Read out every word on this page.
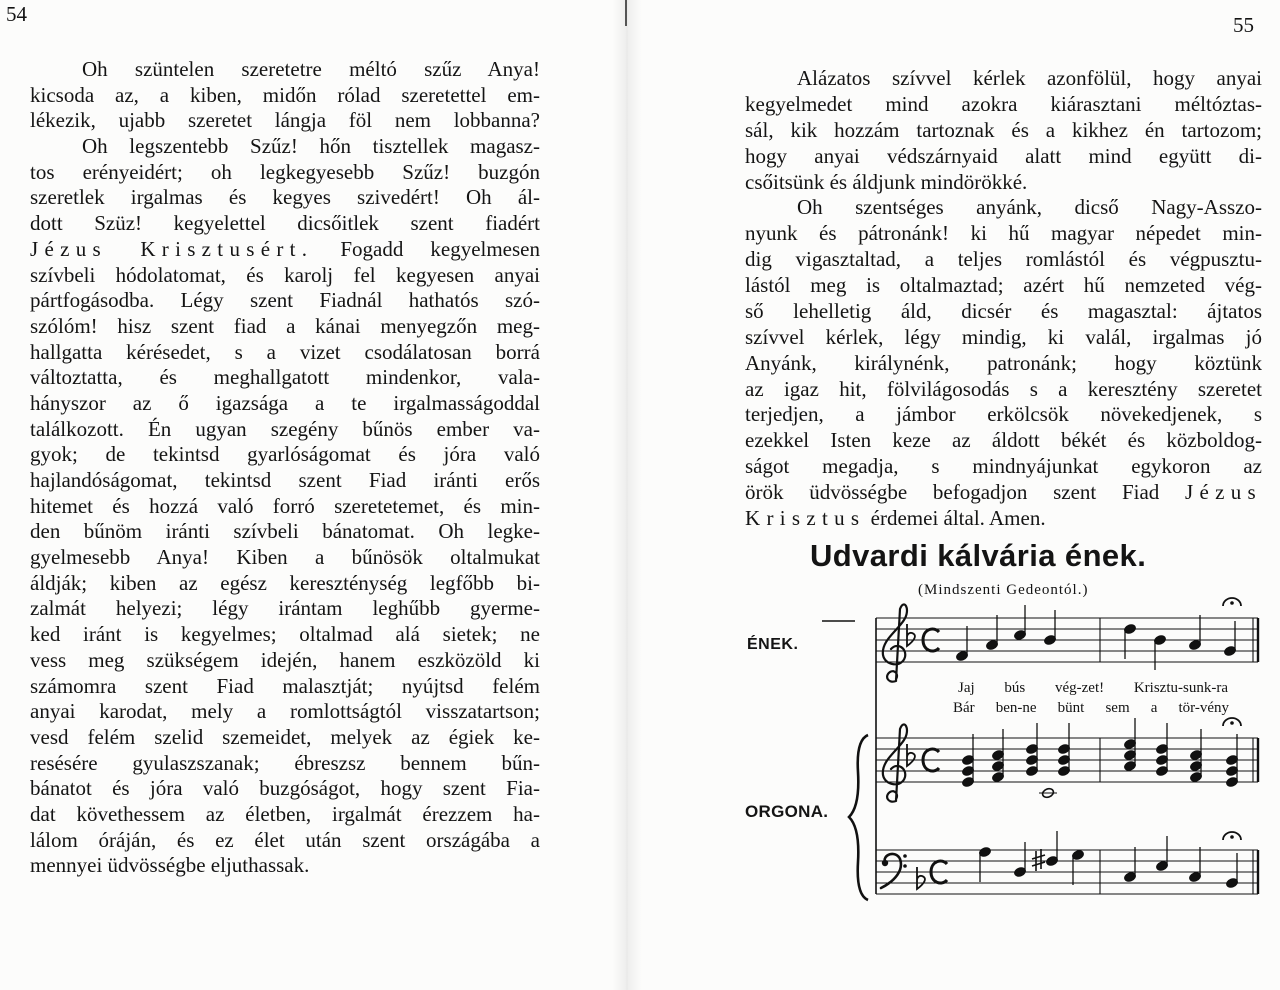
54
Oh szüntelen szeretetre méltó szűz Anya!
kicsoda az, a kiben, midőn rólad szeretettel em-
lékezik, ujabb szeretet lángja föl nem lobbanna?
Oh legszentebb Szűz! hőn tisztellek magasz-
tos erényeidért; oh legkegyesebb Szűz! buzgón
szeretlek irgalmas és kegyes szivedért! Oh ál-
dott Szüz! kegyelettel dicsőitlek szent fiadért
Jézus Krisztusért. Fogadd kegyelmesen
szívbeli hódolatomat, és karolj fel kegyesen anyai
pártfogásodba. Légy szent Fiadnál hathatós szó-
szólóm! hisz szent fiad a kánai menyegzőn meg-
hallgatta kérésedet, s a vizet csodálatosan borrá
változtatta, és meghallgatott mindenkor, vala-
hányszor az ő igazsága a te irgalmasságoddal
találkozott. Én ugyan szegény bűnös ember va-
gyok; de tekintsd gyarlóságomat és jóra való
hajlandóságomat, tekintsd szent Fiad iránti erős
hitemet és hozzá való forró szeretetemet, és min-
den bűnöm iránti szívbeli bánatomat. Oh legke-
gyelmesebb Anya! Kiben a bűnösök oltalmukat
áldják; kiben az egész kereszténység legfőbb bi-
zalmát helyezi; légy irántam leghűbb gyerme-
ked iránt is kegyelmes; oltalmad alá sietek; ne
vess meg szükségem idején, hanem eszközöld ki
számomra szent Fiad malasztját; nyújtsd felém
anyai karodat, mely a romlottságtól visszatartson;
vesd felém szelid szemeidet, melyek az égiek ke-
resésére gyulaszszanak; ébreszsz bennem bűn-
bánatot és jóra való buzgóságot, hogy szent Fia-
dat követhessem az életben, irgalmát érezzem ha-
lálom óráján, és ez élet után szent országába a
mennyei üdvösségbe eljuthassak.
55
Alázatos szívvel kérlek azonfölül, hogy anyai
kegyelmedet mind azokra kiárasztani méltóztas-
sál, kik hozzám tartoznak és a kikhez én tartozom;
hogy anyai védszárnyaid alatt mind együtt di-
csőitsünk és áldjunk mindörökké.
Oh szentséges anyánk, dicső Nagy-Asszo-
nyunk és pátronánk! ki hű magyar népedet min-
dig vigasztaltad, a teljes romlástól és végpusztu-
lástól meg is oltalmaztad; azért hű nemzeted vég-
ső lehelletig áld, dicsér és magasztal: ájtatos
szívvel kérlek, légy mindig, ki valál, irgalmas jó
Anyánk, királynénk, patronánk; hogy köztünk
az igaz hit, fölvilágosodás s a keresztény szeretet
terjedjen, a jámbor erkölcsök növekedjenek, s
ezekkel Isten keze az áldott békét és közboldog-
ságot megadja, s mindnyájunkat egykoron az
örök üdvösségbe befogadjon szent Fiad Jézus
Krisztus érdemei által. Amen.
Udvardi kálvária ének.
(Mindszenti Gedeontól.)
ÉNEK.
ORGONA.
Jaj bús vég-zet! Krisztu-sunk-ra
Bár ben-ne bünt sem a tör-vény
